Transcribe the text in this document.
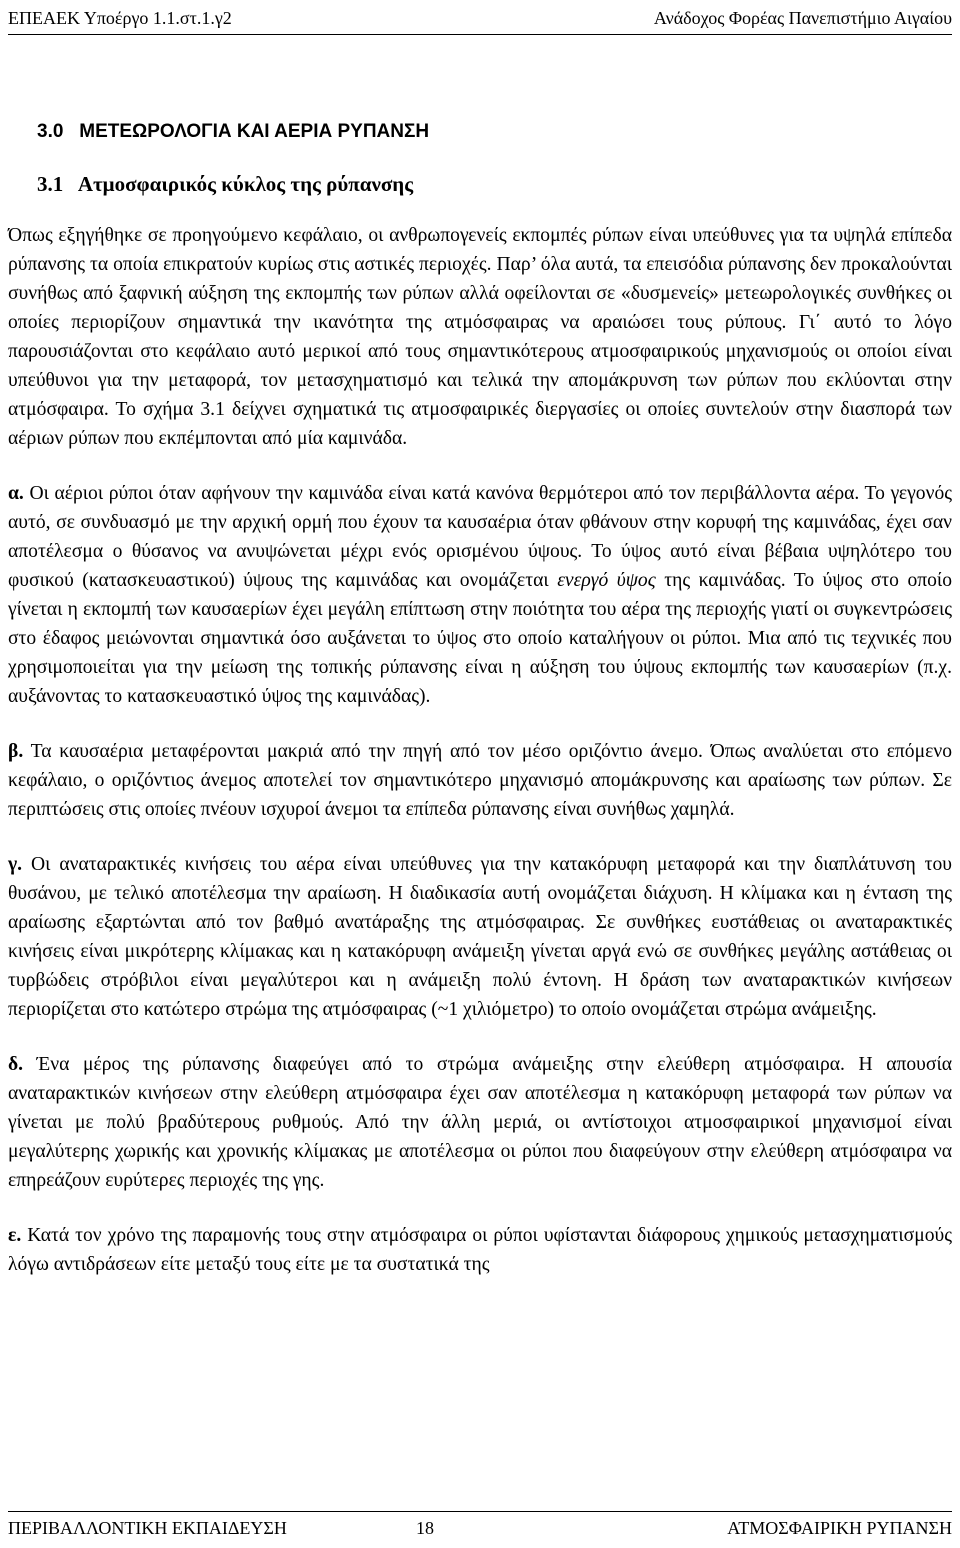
ΕΠΕΑΕΚ Υποέργο 1.1.στ.1.γ2	Ανάδοχος Φορέας Πανεπιστήμιο Αιγαίου
3.0   ΜΕΤΕΩΡΟΛΟΓΙΑ ΚΑΙ ΑΕΡΙΑ ΡΥΠΑΝΣΗ
3.1   Ατμοσφαιρικός κύκλος της ρύπανσης

Όπως εξηγήθηκε σε προηγούμενο κεφάλαιο, οι ανθρωπογενείς εκπομπές ρύπων είναι υπεύθυνες για τα υψηλά επίπεδα ρύπανσης τα οποία επικρατούν κυρίως στις αστικές περιοχές. Παρ’ όλα αυτά, τα επεισόδια ρύπανσης δεν προκαλούνται συνήθως από ξαφνική αύξηση της εκπομπής των ρύπων αλλά οφείλονται σε «δυσμενείς» μετεωρολογικές συνθήκες οι οποίες περιορίζουν σημαντικά την ικανότητα της ατμόσφαιρας να αραιώσει τους ρύπους. Γι΄ αυτό το λόγο παρουσιάζονται στο κεφάλαιο αυτό μερικοί από τους σημαντικότερους ατμοσφαιρικούς μηχανισμούς οι οποίοι είναι υπεύθυνοι για την μεταφορά, τον μετασχηματισμό και τελικά την απομάκρυνση των ρύπων που εκλύονται στην ατμόσφαιρα. Το σχήμα 3.1 δείχνει σχηματικά τις ατμοσφαιρικές διεργασίες οι οποίες συντελούν στην διασπορά των αέριων ρύπων που εκπέμπονται από μία καμινάδα.

α. Οι αέριοι ρύποι όταν αφήνουν την καμινάδα είναι κατά κανόνα θερμότεροι από τον περιβάλλοντα αέρα. Το γεγονός αυτό, σε συνδυασμό με την αρχική ορμή που έχουν τα καυσαέρια όταν φθάνουν στην κορυφή της καμινάδας, έχει σαν αποτέλεσμα ο θύσανος να ανυψώνεται μέχρι ενός ορισμένου ύψους. Το ύψος αυτό είναι βέβαια υψηλότερο του φυσικού (κατασκευαστικού) ύψους της καμινάδας και ονομάζεται ενεργό ύψος της καμινάδας. Το ύψος στο οποίο γίνεται η εκπομπή των καυσαερίων έχει μεγάλη επίπτωση στην ποιότητα του αέρα της περιοχής γιατί οι συγκεντρώσεις στο έδαφος μειώνονται σημαντικά όσο αυξάνεται το ύψος στο οποίο καταλήγουν οι ρύποι. Μια από τις τεχνικές που χρησιμοποιείται για την μείωση της τοπικής ρύπανσης είναι η αύξηση του ύψους εκπομπής των καυσαερίων (π.χ. αυξάνοντας το κατασκευαστικό ύψος της καμινάδας).

β. Τα καυσαέρια μεταφέρονται μακριά από την πηγή από τον μέσο οριζόντιο άνεμο. Όπως αναλύεται στο επόμενο κεφάλαιο, ο οριζόντιος άνεμος αποτελεί τον σημαντικότερο μηχανισμό απομάκρυνσης και αραίωσης των ρύπων. Σε περιπτώσεις στις οποίες πνέουν ισχυροί άνεμοι τα επίπεδα ρύπανσης είναι συνήθως χαμηλά.

γ. Οι αναταρακτικές κινήσεις του αέρα είναι υπεύθυνες για την κατακόρυφη μεταφορά και την διαπλάτυνση του θυσάνου, με τελικό αποτέλεσμα την αραίωση. Η διαδικασία αυτή ονομάζεται διάχυση. Η κλίμακα και η ένταση της αραίωσης εξαρτώνται από τον βαθμό ανατάραξης της ατμόσφαιρας. Σε συνθήκες ευστάθειας οι αναταρακτικές κινήσεις είναι μικρότερης κλίμακας και η κατακόρυφη ανάμειξη γίνεται αργά ενώ σε συνθήκες μεγάλης αστάθειας οι τυρβώδεις στρόβιλοι είναι μεγαλύτεροι και η ανάμειξη πολύ έντονη. Η δράση των αναταρακτικών κινήσεων περιορίζεται στο κατώτερο στρώμα της ατμόσφαιρας (~1 χιλιόμετρο) το οποίο ονομάζεται στρώμα ανάμειξης.

δ. Ένα μέρος της ρύπανσης διαφεύγει από το στρώμα ανάμειξης στην ελεύθερη ατμόσφαιρα. Η απουσία αναταρακτικών κινήσεων στην ελεύθερη ατμόσφαιρα έχει σαν αποτέλεσμα η κατακόρυφη μεταφορά των ρύπων να γίνεται με πολύ βραδύτερους ρυθμούς. Από την άλλη μεριά, οι αντίστοιχοι ατμοσφαιρικοί μηχανισμοί είναι μεγαλύτερης χωρικής και χρονικής κλίμακας με αποτέλεσμα οι ρύποι που διαφεύγουν στην ελεύθερη ατμόσφαιρα να επηρεάζουν ευρύτερες περιοχές της γης.

ε. Κατά τον χρόνο της παραμονής τους στην ατμόσφαιρα οι ρύποι υφίστανται διάφορους χημικούς μετασχηματισμούς λόγω αντιδράσεων είτε μεταξύ τους είτε με τα συστατικά της

ΠΕΡΙΒΑΛΛΟΝΤΙΚΗ ΕΚΠΑΙΔΕΥΣΗ	18	ΑΤΜΟΣΦΑΙΡΙΚΗ ΡΥΠΑΝΣΗ
